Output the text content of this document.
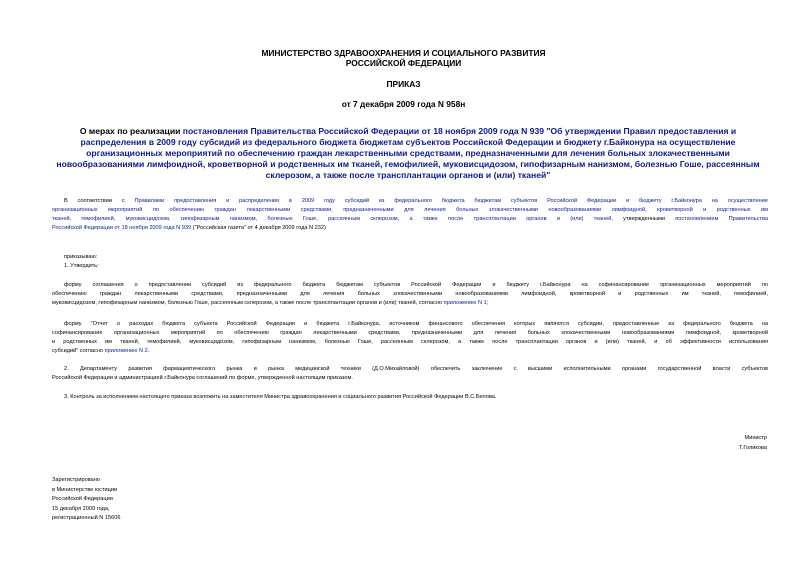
МИНИСТЕРСТВО ЗДРАВООХРАНЕНИЯ И СОЦИАЛЬНОГО РАЗВИТИЯ
РОССИЙСКОЙ ФЕДЕРАЦИИ
ПРИКАЗ
от 7 декабря 2009 года N 958н
О мерах по реализации постановления Правительства Российской Федерации от 18 ноября 2009 года N 939 "Об утверждении Правил предоставления и
распределения в 2009 году субсидий из федерального бюджета бюджетам субъектов Российской Федерации и бюджету г.Байконура на осуществление
организационных мероприятий по обеспечению граждан лекарственными средствами, предназначенными для лечения больных злокачественными
новообразованиями лимфоидной, кроветворной и родственных им тканей, гемофилией, муковисцидозом, гипофизарным нанизмом, болезнью Гоше, рассеянным
склерозом, а также после трансплантации органов и (или) тканей"
В соответствии с Правилами предоставления и распределения в 2009 году субсидий из федерального бюджета бюджетам субъектов Российской Федерации и бюджету г.Байконура на осуществление
организационных мероприятий по обеспечению граждан лекарственными средствами, предназначенными для лечения больных злокачественными новообразованиями лимфоидной, кроветворной и родственных им
тканей, гемофилией, муковисцидозом, гипофизарным нанизмом, болезнью Гоше, рассеянным склерозом, а также после трансплантации органов и (или) тканей, утвержденными постановлением Правительства
Российской Федерации от 18 ноября 2009 года N 939 ("Российская газета" от 4 декабря 2009 года N 232)
приказываю:
1. Утвердить:
форму соглашения о предоставлении субсидий из федерального бюджета бюджетам субъектов Российской Федерации и бюджету г.Байконура на софинансирование организационных мероприятий по
обеспечению граждан лекарственными средствами, предназначенными для лечения больных злокачественными новообразованиями лимфоидной, кроветворной и родственных им тканей, гемофилией,
муковисцидозом, гипофизарным нанизмом, болезнью Гоше, рассеянным склерозом, а также после трансплантации органов и (или) тканей, согласно приложению N 1;
форму "Отчет о расходах бюджета субъекта Российской Федерации и бюджета г.Байконура, источником финансового обеспечения которых являются субсидии, предоставленные из федерального бюджета на
софинансирование организационных мероприятий по обеспечению граждан лекарственными средствами, предназначенными для лечения больных злокачественными новообразованиями лимфоидной, кроветворной
и родственных им тканей, гемофилией, муковисцидозом, гипофизарным нанизмом, болезнью Гоше, рассеянным склерозом, а также после трансплантации органов и (или) тканей, и об эффективности использования
субсидий" согласно приложению N 2.
2. Департаменту развития фармацевтического рынка и рынка медицинской техники (Д.О.Михайловой) обеспечить заключение с высшими исполнительными органами государственной власти субъектов
Российской Федерации и администрацией г.Байконура соглашений по форме, утвержденной настоящим приказом.
3. Контроль за исполнением настоящего приказа возложить на заместителя Министра здравоохранения и социального развития Российской Федерации В.С.Белова.
Министр
Т.Голикова
Зарегистрировано
в Министерстве юстиции
Российской Федерации
15 декабря 2009 года,
регистрационный N 15606
